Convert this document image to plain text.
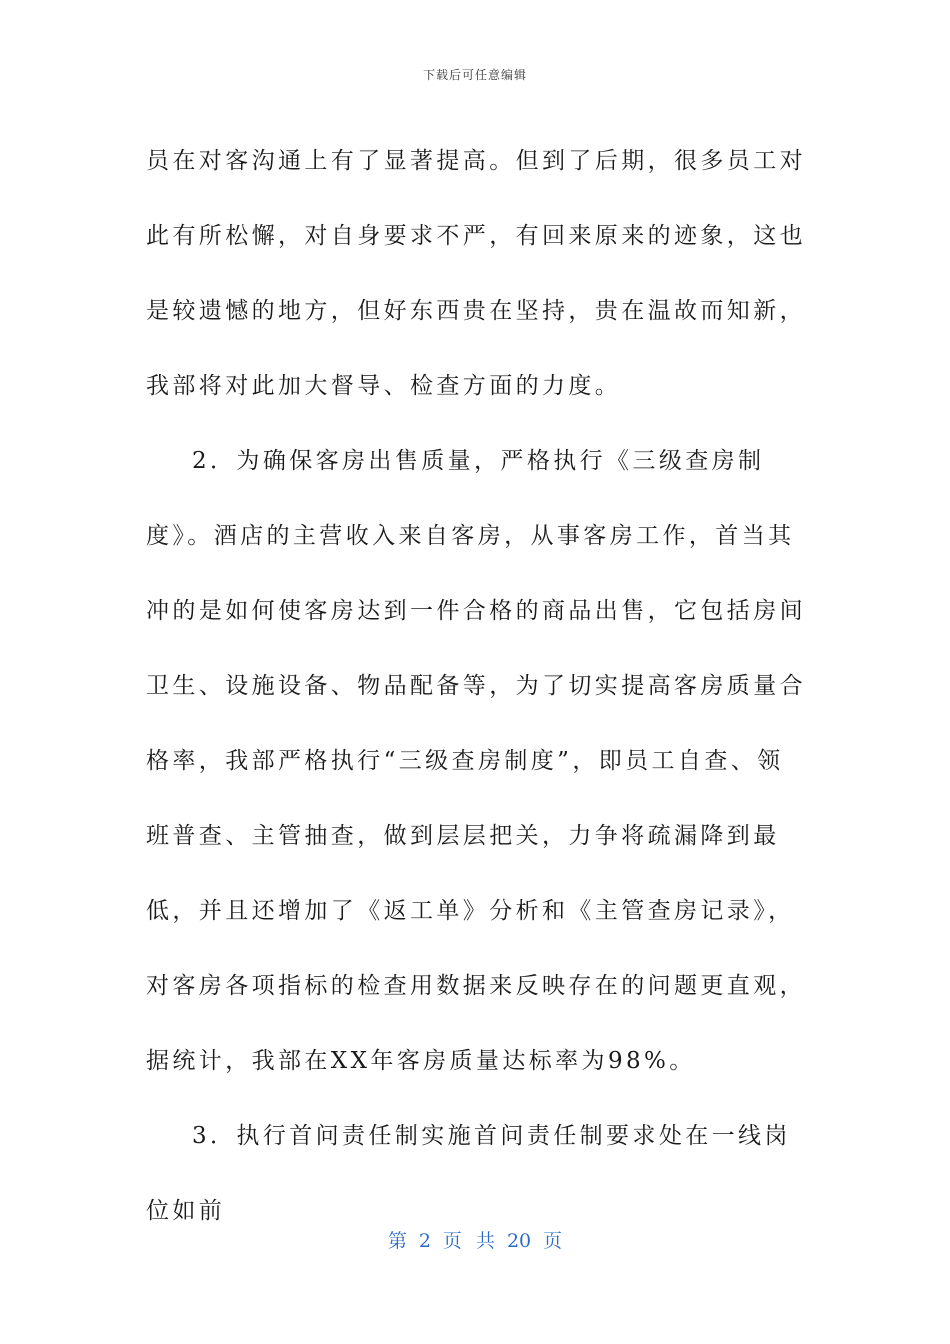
下载后可任意编辑

员在对客沟通上有了显著提高。但到了后期，很多员工对此有所松懈，对自身要求不严，有回来原来的迹象，这也是较遗憾的地方，但好东西贵在坚持，贵在温故而知新，我部将对此加大督导、检查方面的力度。

2．为确保客房出售质量，严格执行《三级查房制度》。酒店的主营收入来自客房，从事客房工作，首当其冲的是如何使客房达到一件合格的商品出售，它包括房间卫生、设施设备、物品配备等，为了切实提高客房质量合格率，我部严格执行“三级查房制度”，即员工自查、领班普查、主管抽查，做到层层把关，力争将疏漏降到最低，并且还增加了《返工单》分析和《主管查房记录》，对客房各项指标的检查用数据来反映存在的问题更直观，据统计，我部在XX年客房质量达标率为98%。

3．执行首问责任制实施首问责任制要求处在一线岗位如前

第 2 页 共 20 页
